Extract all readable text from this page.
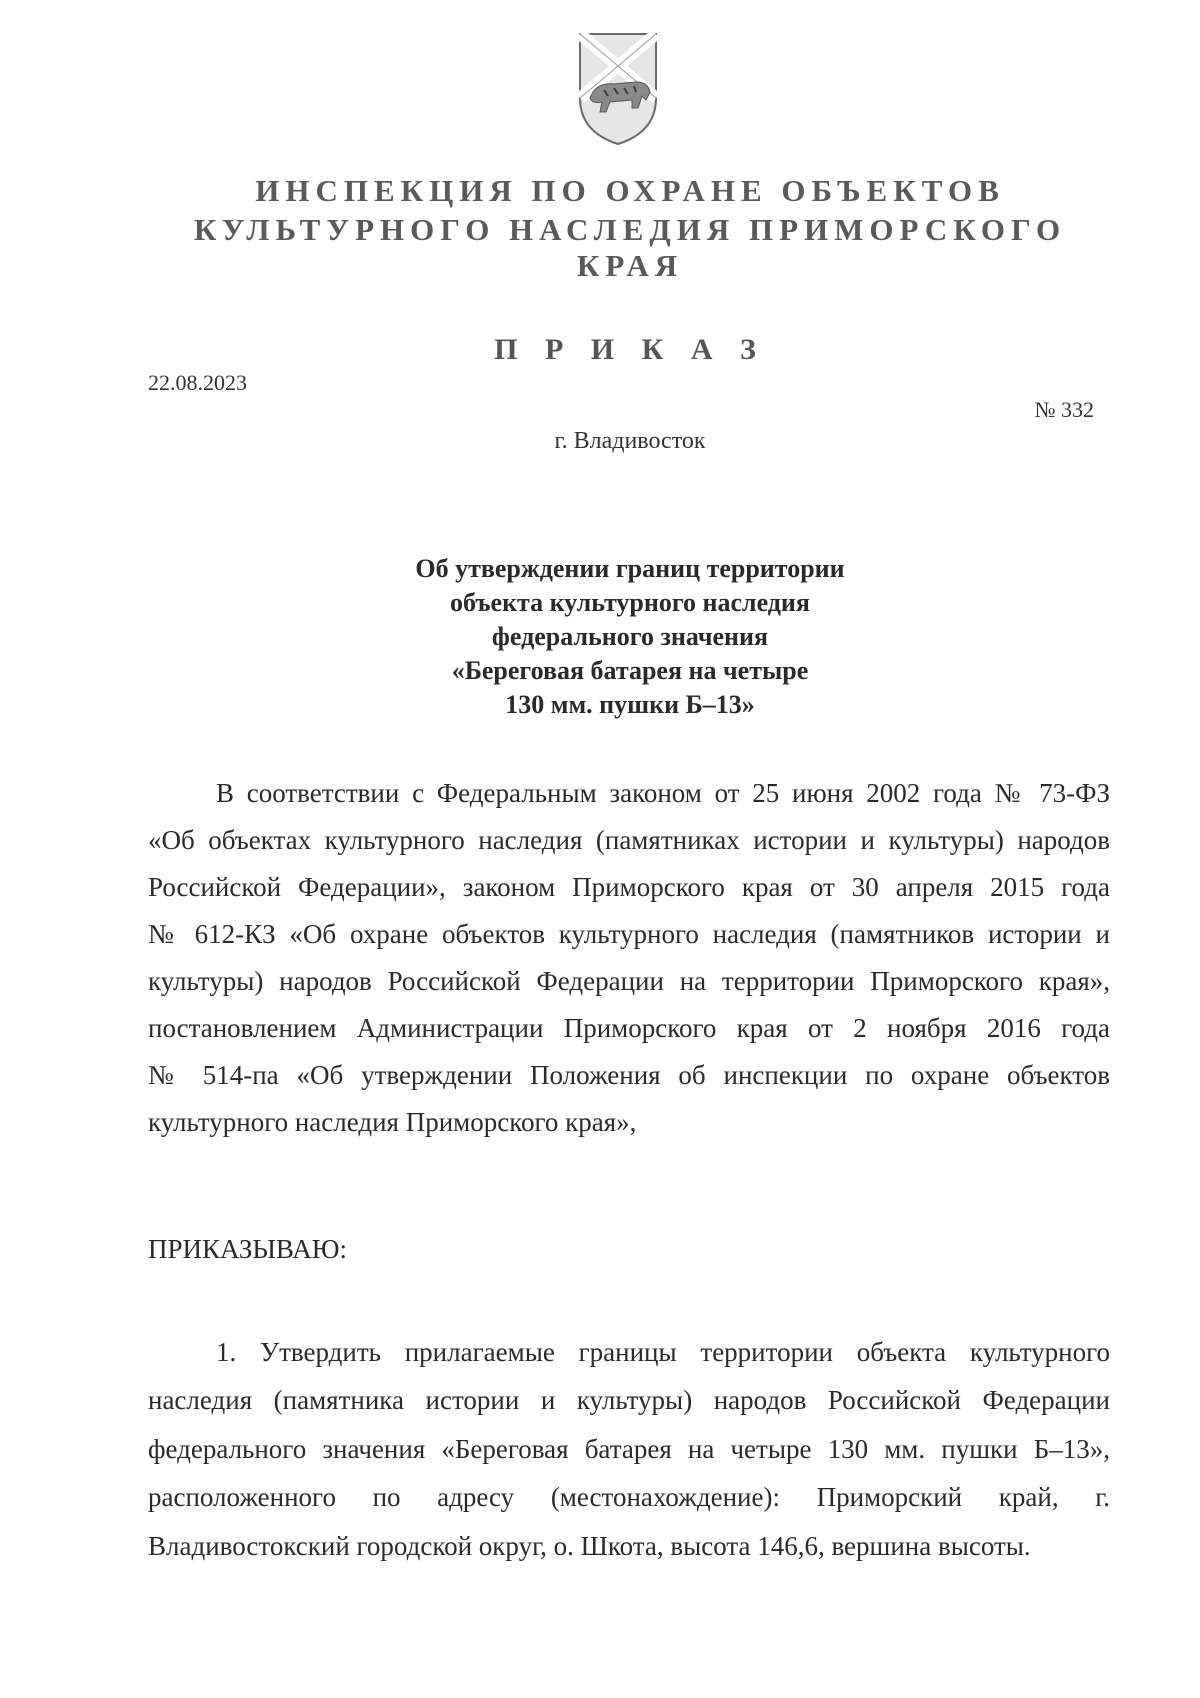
ИНСПЕКЦИЯ ПО ОХРАНЕ ОБЪЕКТОВ
КУЛЬТУРНОГО НАСЛЕДИЯ ПРИМОРСКОГО КРАЯ
П Р И К А З
22.08.2023
№ 332
г. Владивосток
Об утверждении границ территории
объекта культурного наследия
федерального значения
«Береговая батарея на четыре
130 мм. пушки Б–13»
В соответствии с Федеральным законом от 25 июня 2002 года № 73-ФЗ
«Об объектах культурного наследия (памятниках истории и культуры) народов
Российской Федерации», законом Приморского края от 30 апреля 2015 года
№ 612-КЗ «Об охране объектов культурного наследия (памятников истории и
культуры) народов Российской Федерации на территории Приморского края»,
постановлением Администрации Приморского края от 2 ноября 2016 года
№ 514-па «Об утверждении Положения об инспекции по охране объектов
культурного наследия Приморского края»,
ПРИКАЗЫВАЮ:
1. Утвердить прилагаемые границы территории объекта культурного
наследия (памятника истории и культуры) народов Российской Федерации
федерального значения «Береговая батарея на четыре 130 мм. пушки Б–13»,
расположенного по адресу (местонахождение): Приморский край, г.
Владивостокский городской округ, о. Шкота, высота 146,6, вершина высоты.
